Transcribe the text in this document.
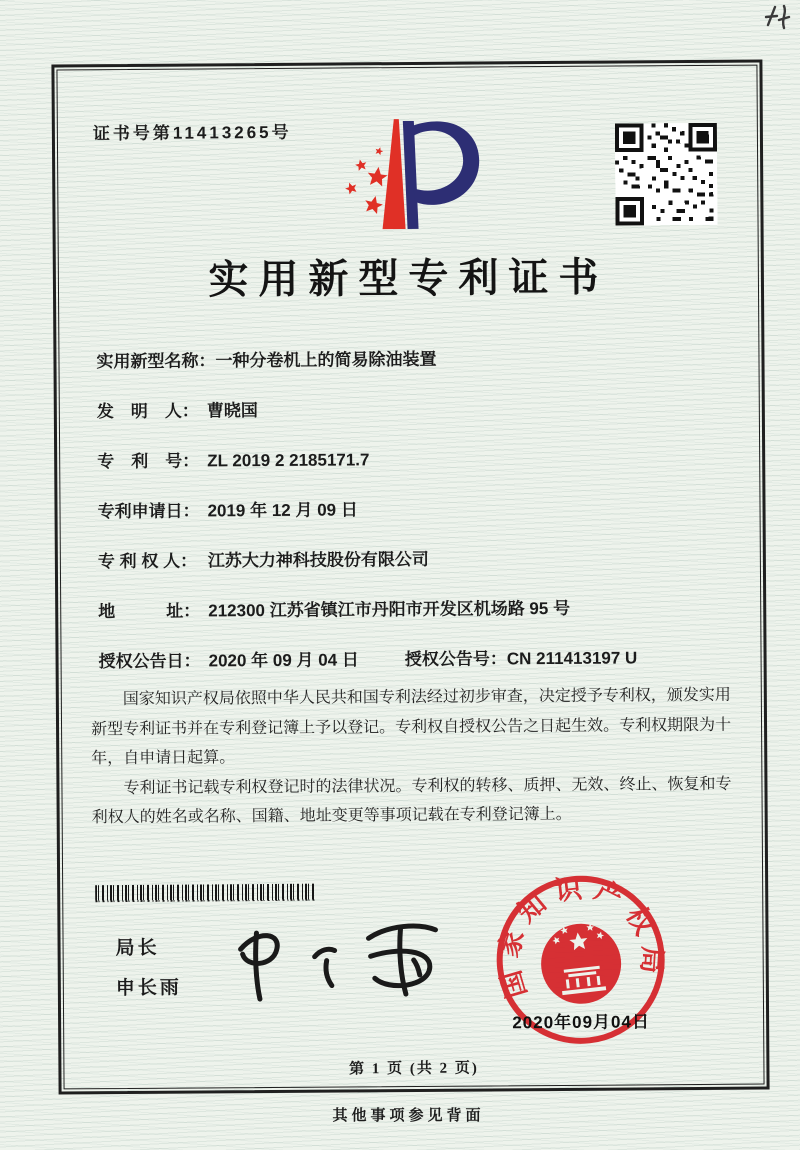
证书号第11413265号
实用新型专利证书
实用新型名称：一种分卷机上的简易除油装置
发　明　人： 曹晓国
专　利　号： ZL 2019 2 2185171.7
专利申请日： 2019 年 12 月 09 日
专 利 权 人： 江苏大力神科技股份有限公司
地　　　址： 212300 江苏省镇江市丹阳市开发区机场路 95 号
授权公告日： 2020 年 09 月 04 日	授权公告号：CN 211413197 U

国家知识产权局依照中华人民共和国专利法经过初步审查，决定授予专利权，颁发实用新型专利证书并在专利登记簿上予以登记。专利权自授权公告之日起生效。专利权期限为十年，自申请日起算。

专利证书记载专利权登记时的法律状况。专利权的转移、质押、无效、终止、恢复和专利权人的姓名或名称、国籍、地址变更等事项记载在专利登记簿上。

局长
申长雨	国家知识产权局
2020年09月04日
第 1 页 (共 2 页)
其他事项参见背面
